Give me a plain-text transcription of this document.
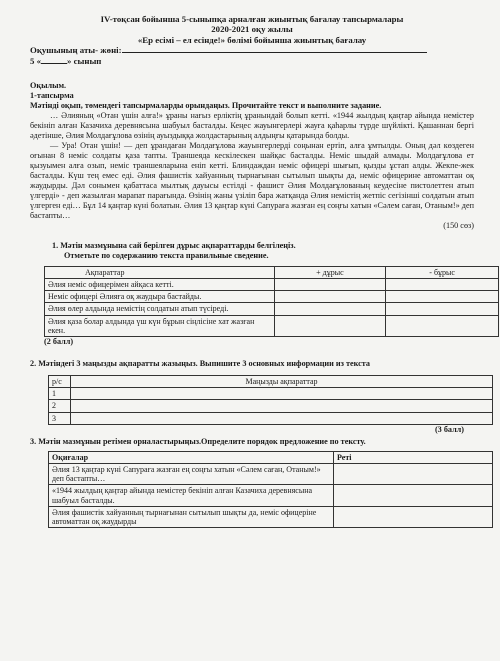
IV-тоқсан бойынша 5-сыныпқа арналған жиынтық бағалау тапсырмалары
2020-2021 оқу жылы
«Ер есімі – ел есінде!» бөлімі бойынша жиынтық бағалау
Оқушының аты- жөні:
5 «	» сынып
Оқылым.
1-тапсырма
Мәтінді оқып, төмендегі тапсырмаларды орындаңыз. Прочитайте текст и выполните задание.

… Әлияның «Отан үшін алға!» ұраны нағыз ерліктің ұранындай болып кетті. «1944 жылдың қаңтар айында немістер бекініп алған Казачиха деревнясына шабуыл басталды. Кеңес жауынгерлері жауға қаһарлы түрде шүйлікті. Қашаннан бергі әдетінше, Әлия Молдағұлова өзінің ауыздыққа жолдастарының алдыңғы қатарында болды.
— Ура! Отан үшін! — деп ұрандаған Молдағұлова жауынгерлерді соңынан ертіп, алға ұмтылды. Оның дәл көздеген оғынан 8 неміс солдаты қаза тапты. Траншеяда кескілескен шайқас басталды. Неміс шыдай алмады. Молдағұлова ет қызуымен алға озып, неміс траншеяларына еніп кетті. Блиндаждан неміс офицері шығып, қызды ұстап алды. Жекпе-жек басталды. Күш тең емес еді. Әлия фашистік хайуанның тырнағынан сытылып шықты да, неміс офицерине автоматтан оқ жаудырды. Дәл сонымен қабаттаса мылтық дауысы естілді - фашист Әлия Молдағұлованың кеудесіне пистолеттен атып үлгерді» - деп жазылған марапат парағында. Өзінің жаны үзіліп бара жатқанда Әлия немістің жетпіс сегізінші солдатын атып үлгерген еді… Бұл 14 қаңтар күні болатын. Әлия 13 қаңтар күні Сапураға жазған ең соңғы хатын «Сәлем саған, Отаным!» деп бастапты…

(150 сөз)
1. Мәтін мазмұнына сай берілген дұрыс ақпараттарды белгілеңіз.
Отметьте по содержанию текста правильные сведение.
Ақпараттар	+ дұрыс	- бұрыс
Әлия неміс офицерімен айқаса кетті.		
Неміс офицері Әлияға оқ жаудыра бастайды.		
Әлия өлер алдында немістің солдатын атып түсіреді.		
Әлия қаза болар алдында үш күн бұрын сіңлісіне хат жазған екен.		
(2 балл)
2. Мәтіндегі 3 маңызды ақпаратты жазыңыз. Выпишите 3 основных информации из текста
р/с	Маңызды ақпараттар
1	
2	
3	
(3 балл)
3. Мәтін мазмұнын ретімен орналастырыңыз.Определите порядок предложение по тексту.
Оқиғалар	Реті
Әлия 13 қаңтар күні Сапураға жазған ең соңғы хатын «Сәлем саған, Отаным!» деп бастапты…	
«1944 жылдың қаңтар айында немістер бекініп алған Казачиха деревнясына шабуыл басталды.	
Әлия фашистік хайуанның тырнағынан сытылып шықты да, неміс офицеріне автоматтан оқ жаудырды	
